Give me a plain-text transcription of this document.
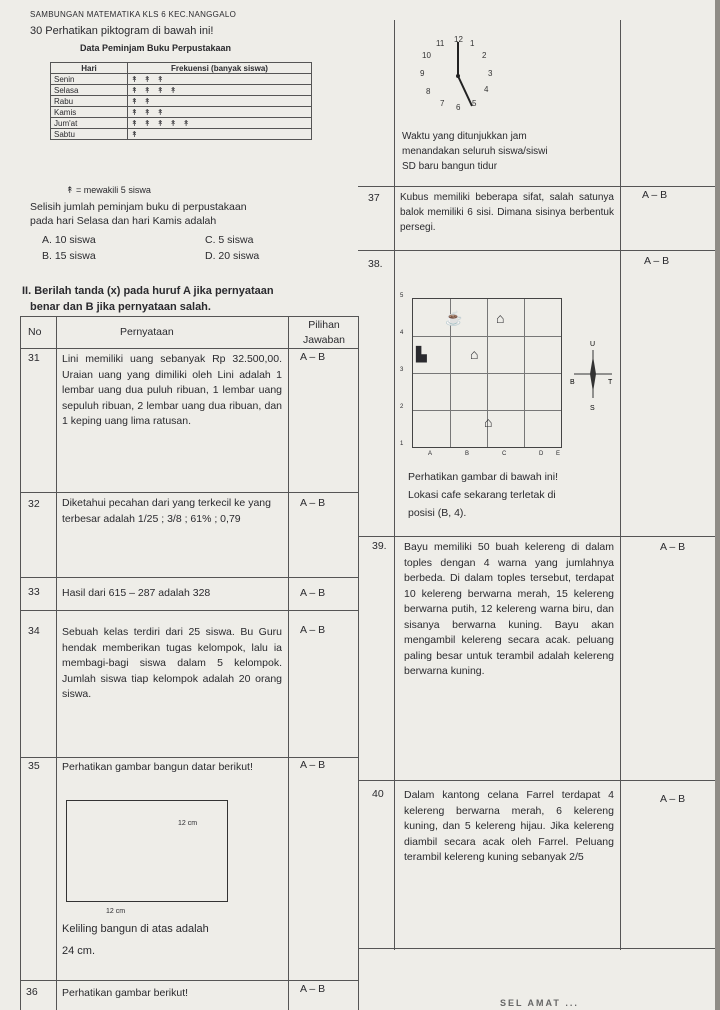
SAMBUNGAN MATEMATIKA KLS 6 KEC.NANGGALO
30 Perhatikan piktogram di bawah ini!
Data Peminjam Buku Perpustakaan
Hari	Frekuensi (banyak siswa)
Senin	↟ ↟ ↟
Selasa	↟ ↟ ↟ ↟
Rabu	↟ ↟
Kamis	↟ ↟ ↟
Jum'at	↟ ↟ ↟ ↟ ↟
Sabtu	↟
↟ = mewakili 5 siswa
Selisih jumlah peminjam buku di perpustakaan
pada hari Selasa dan hari Kamis adalah
A. 10 siswa
B. 15 siswa
C. 5 siswa
D. 20 siswa
II. Berilah tanda (x) pada huruf A jika pernyataan
benar dan B jika pernyataan salah.
No	Pernyataan
Pilihan Jawaban
31 Lini memiliki uang sebanyak Rp 32.500,00. Uraian uang yang dimiliki oleh Lini adalah 1 lembar uang dua puluh ribuan, 1 lembar uang sepuluh ribuan, 2 lembar uang dua ribuan, dan 1 keping uang lima ratusan.
A – B
32 Diketahui pecahan dari yang terkecil ke yang terbesar adalah 1/25 ; 3/8 ; 61% ; 0,79
A – B
33 Hasil dari 615 – 287 adalah 328	A – B
34 Sebuah kelas terdiri dari 25 siswa. Bu Guru hendak memberikan tugas kelompok, lalu ia membagi-bagi siswa dalam 5 kelompok. Jumlah siswa tiap kelompok adalah 20 orang siswa.
A – B
35 Perhatikan gambar bangun datar berikut!	A – B
12 cm
12 cm
Keliling bangun di atas adalah
24 cm.
36 Perhatikan gambar berikut!	A – B
12 1
2
3
4
5
6
7
8
9
10
11
Waktu yang ditunjukkan jam
menandakan seluruh siswa/siswi
SD baru bangun tidur
37 Kubus memiliki beberapa sifat, salah satunya balok memiliki 6 sisi. Dimana sisinya berbentuk persegi.
A – B
38.	A – B
☕ ⌂
▙	⌂
⌂
5
4
3
2
1
A	B	C	D E
U
S
T
B
Perhatikan gambar di bawah ini!
Lokasi cafe sekarang terletak di
posisi (B, 4).
39. Bayu memiliki 50 buah kelereng di dalam toples dengan 4 warna yang jumlahnya berbeda. Di dalam toples tersebut, terdapat 10 kelereng berwarna merah, 15 kelereng berwarna putih, 12 kelereng warna biru, dan sisanya berwarna kuning. Bayu akan mengambil kelereng secara acak. peluang paling besar untuk terambil adalah kelereng berwarna kuning.
A – B
40 Dalam kantong celana Farrel terdapat 4 kelereng berwarna merah, 6 kelereng kuning, dan 5 kelereng hijau. Jika kelereng diambil secara acak oleh Farrel. Peluang terambil kelereng kuning sebanyak 2/5
A – B
SEL AMAT ...
